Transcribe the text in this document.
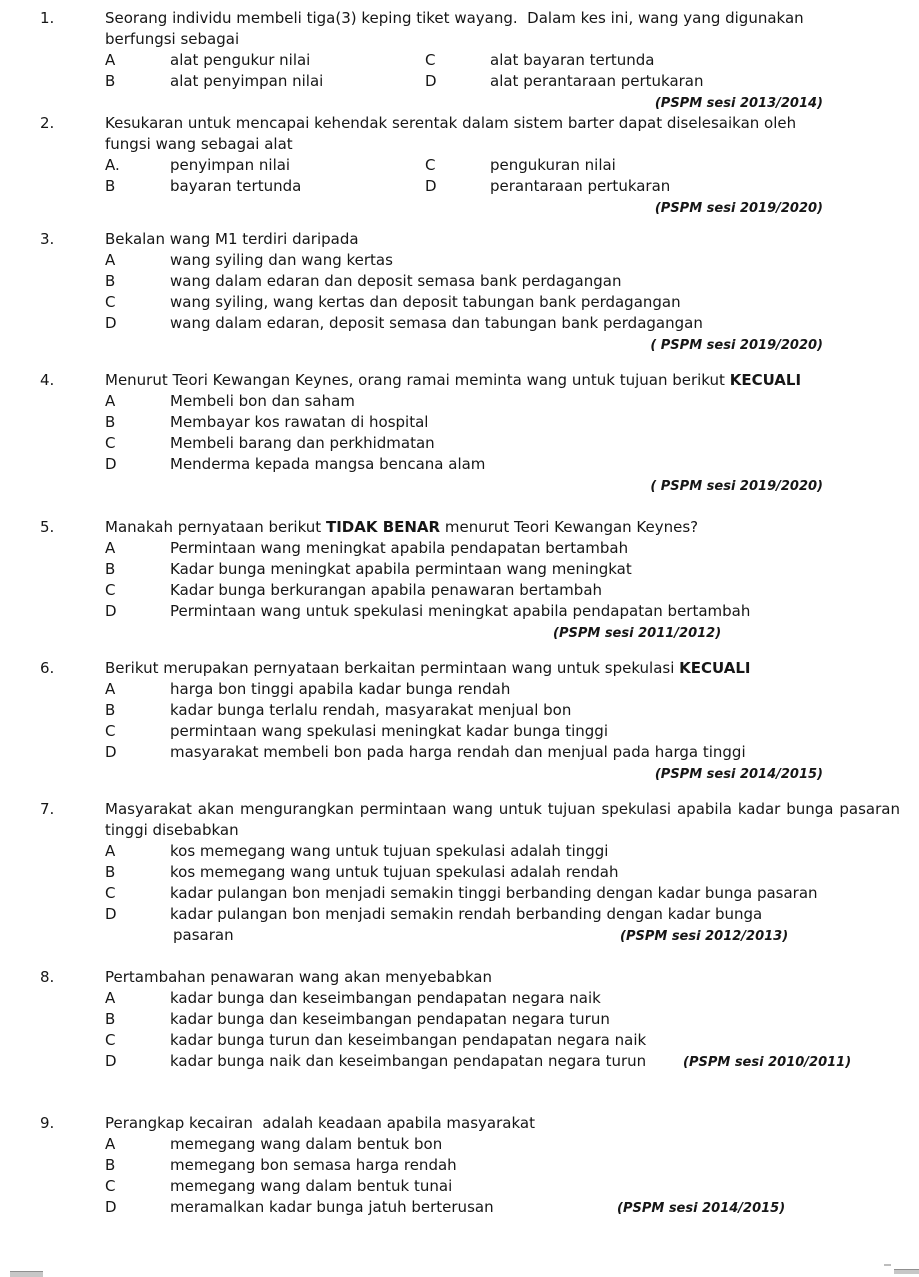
1.	Seorang individu membeli tiga(3) keping tiket wayang.  Dalam kes ini, wang yang digunakan
berfungsi sebagai
A	alat pengukur nilai	C	alat bayaran tertunda
B	alat penyimpan nilai	D	alat perantaraan pertukaran
(PSPM sesi 2013/2014)
2.	Kesukaran untuk mencapai kehendak serentak dalam sistem barter dapat diselesaikan oleh
fungsi wang sebagai alat
A.	penyimpan nilai	C	pengukuran nilai
B	bayaran tertunda	D	perantaraan pertukaran
(PSPM sesi 2019/2020)
3.	Bekalan wang M1 terdiri daripada
A	wang syiling dan wang kertas
B	wang dalam edaran dan deposit semasa bank perdagangan
C	wang syiling, wang kertas dan deposit tabungan bank perdagangan
D	wang dalam edaran, deposit semasa dan tabungan bank perdagangan
( PSPM sesi 2019/2020)
4.	Menurut Teori Kewangan Keynes, orang ramai meminta wang untuk tujuan berikut KECUALI
A	Membeli bon dan saham
B	Membayar kos rawatan di hospital
C	Membeli barang dan perkhidmatan
D	Menderma kepada mangsa bencana alam
( PSPM sesi 2019/2020)
5.	Manakah pernyataan berikut TIDAK BENAR menurut Teori Kewangan Keynes?
A	Permintaan wang meningkat apabila pendapatan bertambah
B	Kadar bunga meningkat apabila permintaan wang meningkat
C	Kadar bunga berkurangan apabila penawaran bertambah
D	Permintaan wang untuk spekulasi meningkat apabila pendapatan bertambah
(PSPM sesi 2011/2012)
6.	Berikut merupakan pernyataan berkaitan permintaan wang untuk spekulasi KECUALI
A	harga bon tinggi apabila kadar bunga rendah
B	kadar bunga terlalu rendah, masyarakat menjual bon
C	permintaan wang spekulasi meningkat kadar bunga tinggi
D	masyarakat membeli bon pada harga rendah dan menjual pada harga tinggi
(PSPM sesi 2014/2015)
7.	Masyarakat akan mengurangkan permintaan wang untuk tujuan spekulasi apabila kadar bunga pasaran
tinggi disebabkan
A	kos memegang wang untuk tujuan spekulasi adalah tinggi
B	kos memegang wang untuk tujuan spekulasi adalah rendah
C	kadar pulangan bon menjadi semakin tinggi berbanding dengan kadar bunga pasaran
D	kadar pulangan bon menjadi semakin rendah berbanding dengan kadar bunga
pasaran	(PSPM sesi 2012/2013)
8.	Pertambahan penawaran wang akan menyebabkan
A	kadar bunga dan keseimbangan pendapatan negara naik
B	kadar bunga dan keseimbangan pendapatan negara turun
C	kadar bunga turun dan keseimbangan pendapatan negara naik
D	kadar bunga naik dan keseimbangan pendapatan negara turun	(PSPM sesi 2010/2011)
9.	Perangkap kecairan  adalah keadaan apabila masyarakat
A	memegang wang dalam bentuk bon
B	memegang bon semasa harga rendah
C	memegang wang dalam bentuk tunai
D	meramalkan kadar bunga jatuh berterusan	(PSPM sesi 2014/2015)
